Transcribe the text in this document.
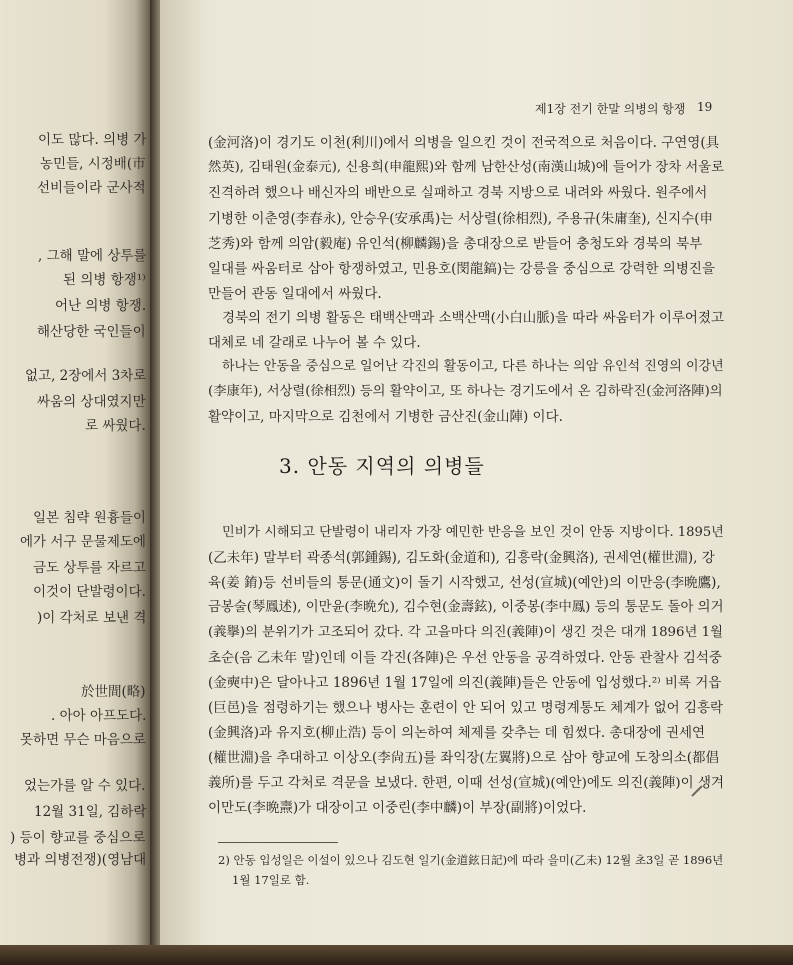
제1장 전기 한말 의병의 항쟁 19
3. 안동 지역의 의병들
이도 많다. 의병 가
농민들, 시정배(市
선비들이라 군사적
, 그해 말에 상투를
된 의병 항쟁¹⁾
어난 의병 항쟁.
해산당한 국인들이
없고, 2장에서 3차로
싸움의 상대였지만
로 싸웠다.
일본 침략 원흉들이
에가 서구 문물제도에
금도 상투를 자르고
이것이 단발령이다.
)이 각처로 보낸 격
於世間(略)
. 아아 아프도다.
못하면 무슨 마음으로
었는가를 알 수 있다.
12월 31일, 김하락
) 등이 향교를 중심으로
병과 의병전쟁)(영남대
(金河洛)이 경기도 이천(利川)에서 의병을 일으킨 것이 전국적으로 처음이다. 구연영(具
然英), 김태원(金泰元), 신용희(申龍熙)와 함께 남한산성(南漢山城)에 들어가 장차 서울로
진격하려 했으나 배신자의 배반으로 실패하고 경북 지방으로 내려와 싸웠다. 원주에서
기병한 이춘영(李春永), 안승우(安承禹)는 서상렬(徐相烈), 주용규(朱庸奎), 신지수(申
芝秀)와 함께 의암(毅庵) 유인석(柳麟錫)을 총대장으로 받들어 충청도와 경북의 북부
일대를 싸움터로 삼아 항쟁하였고, 민용호(閔龍鎬)는 강릉을 중심으로 강력한 의병진을
만들어 관동 일대에서 싸웠다.
경북의 전기 의병 활동은 태백산맥과 소백산맥(小白山脈)을 따라 싸움터가 이루어졌고
대체로 네 갈래로 나누어 볼 수 있다.
하나는 안동을 중심으로 일어난 각진의 활동이고, 다른 하나는 의암 유인석 진영의 이강년
(李康年), 서상렬(徐相烈) 등의 활약이고, 또 하나는 경기도에서 온 김하락진(金河洛陣)의
활약이고, 마지막으로 김천에서 기병한 금산진(金山陣) 이다.
민비가 시해되고 단발령이 내리자 가장 예민한 반응을 보인 것이 안동 지방이다. 1895년
(乙未年) 말부터 곽종석(郭鍾錫), 김도화(金道和), 김흥락(金興洛), 권세연(權世淵), 강
육(姜 錥)등 선비들의 통문(通文)이 돌기 시작했고, 선성(宣城)(예안)의 이만응(李晩鷹),
금봉술(琴鳳述), 이만윤(李晩允), 김수현(金壽鉉), 이중봉(李中鳳) 등의 통문도 돌아 의거
(義擧)의 분위기가 고조되어 갔다. 각 고을마다 의진(義陣)이 생긴 것은 대개 1896년 1월
초순(음 乙未年 말)인데 이들 각진(各陣)은 우선 안동을 공격하였다. 안동 관찰사 김석중
(金奭中)은 달아나고 1896년 1월 17일에 의진(義陣)들은 안동에 입성했다.²⁾ 비록 거읍
(巨邑)을 점령하기는 했으나 병사는 훈련이 안 되어 있고 명령계통도 체계가 없어 김흥락
(金興洛)과 유지호(柳止浩) 등이 의논하여 체제를 갖추는 데 힘썼다. 총대장에 권세연
(權世淵)을 추대하고 이상오(李尙五)를 좌익장(左翼將)으로 삼아 향교에 도창의소(都倡
義所)를 두고 각처로 격문을 보냈다. 한편, 이때 선성(宣城)(예안)에도 의진(義陣)이 생겨
이만도(李晩燾)가 대장이고 이중린(李中麟)이 부장(副將)이었다.
2) 안동 입성일은 이설이 있으나 김도현 일기(金道鉉日記)에 따라 을미(乙未) 12월 초3일 곧 1896년
1월 17일로 함.
